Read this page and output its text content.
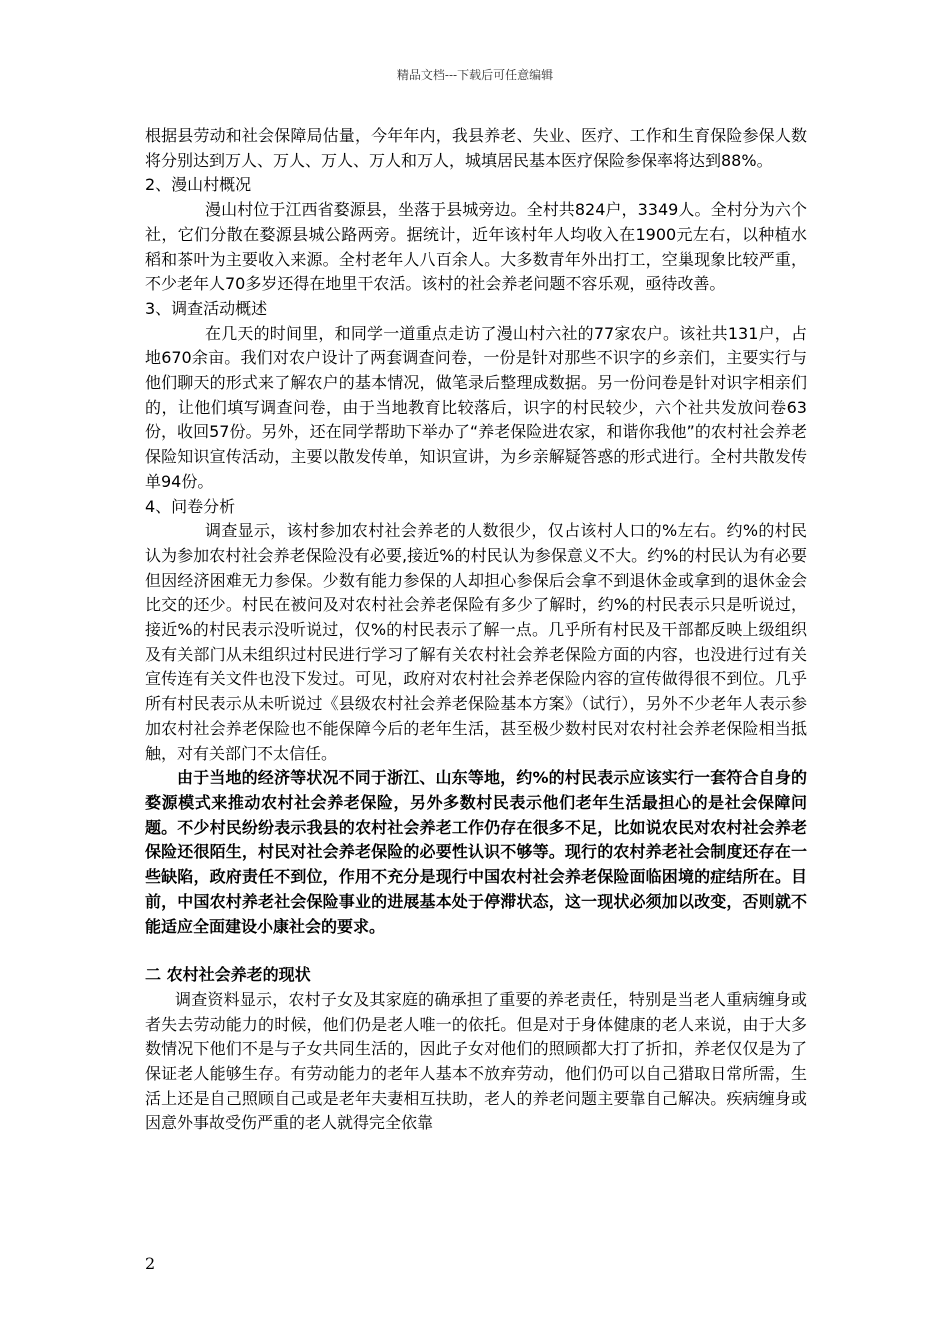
精品文档---下载后可任意编辑

根据县劳动和社会保障局估量，今年年内，我县养老、失业、医疗、工作和生育保险参保人数将分别达到万人、万人、万人、万人和万人，城填居民基本医疗保险参保率将达到88%。

2、漫山村概况

漫山村位于江西省婺源县，坐落于县城旁边。全村共824户，3349人。全村分为六个社，它们分散在婺源县城公路两旁。据统计，近年该村年人均收入在1900元左右，以种植水稻和茶叶为主要收入来源。全村老年人八百余人。大多数青年外出打工，空巢现象比较严重，不少老年人70多岁还得在地里干农活。该村的社会养老问题不容乐观，亟待改善。

3、调查活动概述

在几天的时间里，和同学一道重点走访了漫山村六社的77家农户。该社共131户，占地670余亩。我们对农户设计了两套调查问卷，一份是针对那些不识字的乡亲们，主要实行与他们聊天的形式来了解农户的基本情况，做笔录后整理成数据。另一份问卷是针对识字相亲们的，让他们填写调查问卷，由于当地教育比较落后，识字的村民较少，六个社共发放问卷63份，收回57份。另外，还在同学帮助下举办了“养老保险进农家，和谐你我他”的农村社会养老保险知识宣传活动，主要以散发传单，知识宣讲，为乡亲解疑答惑的形式进行。全村共散发传单94份。

4、问卷分析

调查显示，该村参加农村社会养老的人数很少，仅占该村人口的%左右。约%的村民认为参加农村社会养老保险没有必要,接近%的村民认为参保意义不大。约%的村民认为有必要但因经济困难无力参保。少数有能力参保的人却担心参保后会拿不到退休金或拿到的退休金会比交的还少。村民在被问及对农村社会养老保险有多少了解时，约%的村民表示只是听说过，接近%的村民表示没听说过，仅%的村民表示了解一点。几乎所有村民及干部都反映上级组织及有关部门从未组织过村民进行学习了解有关农村社会养老保险方面的内容，也没进行过有关宣传连有关文件也没下发过。可见，政府对农村社会养老保险内容的宣传做得很不到位。几乎所有村民表示从未听说过《县级农村社会养老保险基本方案》（试行），另外不少老年人表示参加农村社会养老保险也不能保障今后的老年生活，甚至极少数村民对农村社会养老保险相当抵触，对有关部门不太信任。

由于当地的经济等状况不同于浙江、山东等地，约%的村民表示应该实行一套符合自身的婺源模式来推动农村社会养老保险，另外多数村民表示他们老年生活最担心的是社会保障问题。不少村民纷纷表示我县的农村社会养老工作仍存在很多不足，比如说农民对农村社会养老保险还很陌生，村民对社会养老保险的必要性认识不够等。现行的农村养老社会制度还存在一些缺陷，政府责任不到位，作用不充分是现行中国农村社会养老保险面临困境的症结所在。目前，中国农村养老社会保险事业的进展基本处于停滞状态，这一现状必须加以改变，否则就不能适应全面建设小康社会的要求。

二 农村社会养老的现状

调查资料显示，农村子女及其家庭的确承担了重要的养老责任，特别是当老人重病缠身或者失去劳动能力的时候，他们仍是老人唯一的依托。但是对于身体健康的老人来说，由于大多数情况下他们不是与子女共同生活的，因此子女对他们的照顾都大打了折扣，养老仅仅是为了保证老人能够生存。有劳动能力的老年人基本不放弃劳动，他们仍可以自己猎取日常所需，生活上还是自己照顾自己或是老年夫妻相互扶助，老人的养老问题主要靠自己解决。疾病缠身或因意外事故受伤严重的老人就得完全依靠

2
